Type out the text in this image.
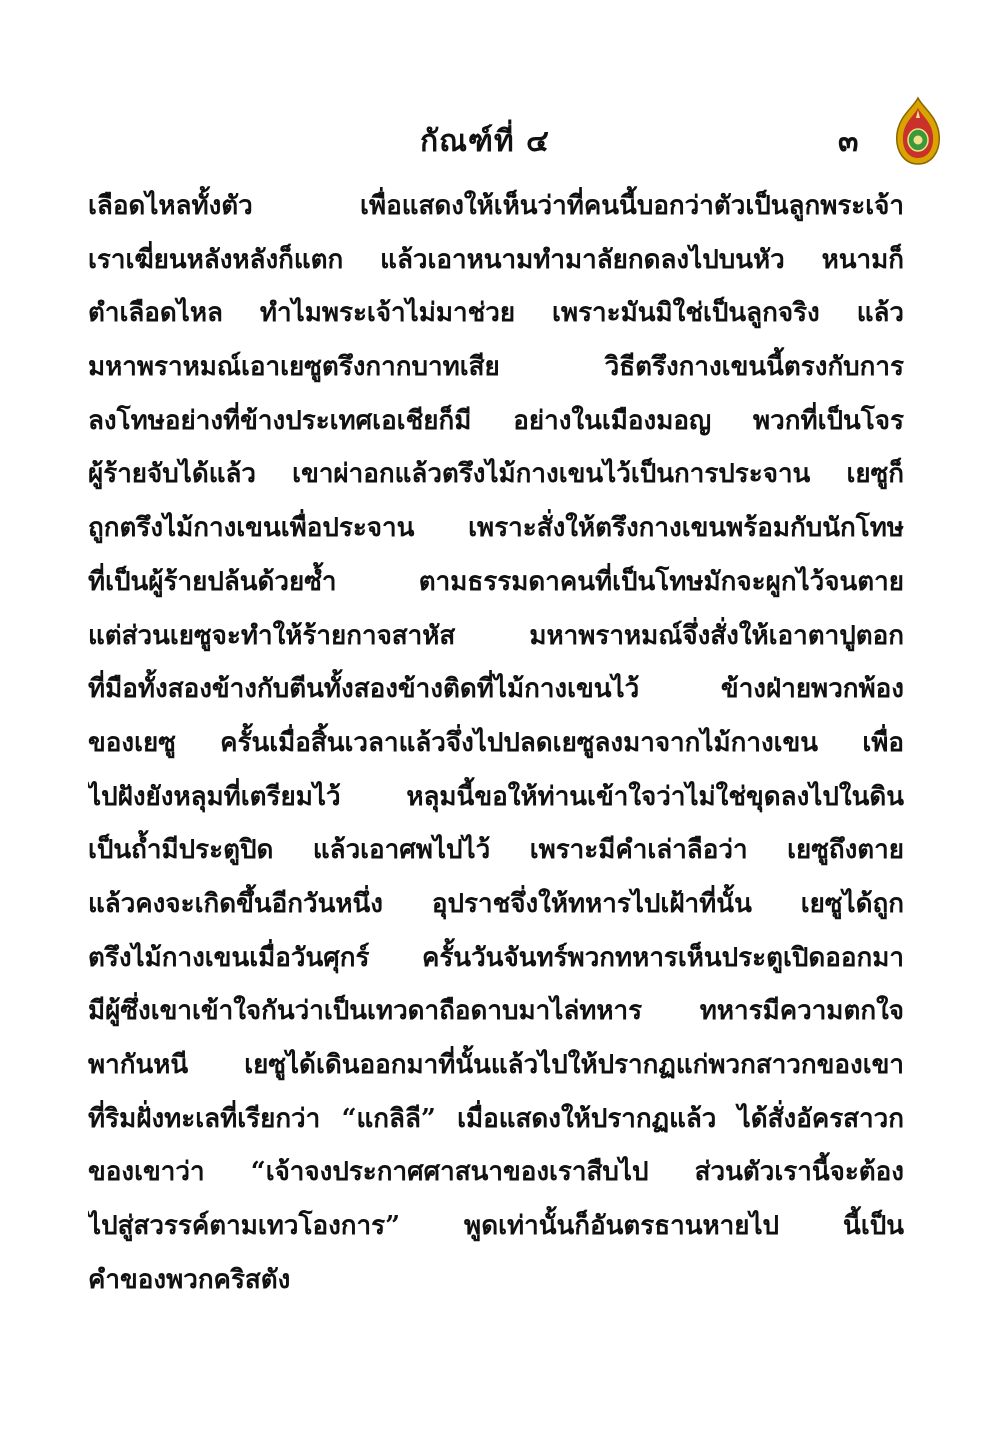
กัณฑ์ที่ ๔	๓
เลือดไหลทั้งตัว เพื่อแสดงให้เห็นว่าที่คนนี้บอกว่าตัวเป็นลูกพระเจ้า
เราเฆี่ยนหลังหลังก็แตก แล้วเอาหนามทำมาลัยกดลงไปบนหัว หนามก็
ตำเลือดไหล ทำไมพระเจ้าไม่มาช่วย เพราะมันมิใช่เป็นลูกจริง แล้ว
มหาพราหมณ์เอาเยซูตรึงกากบาทเสีย วิธีตรึงกางเขนนี้ตรงกับการ
ลงโทษอย่างที่ข้างประเทศเอเชียก็มี อย่างในเมืองมอญ พวกที่เป็นโจร
ผู้ร้ายจับได้แล้ว เขาผ่าอกแล้วตรึงไม้กางเขนไว้เป็นการประจาน เยซูก็
ถูกตรึงไม้กางเขนเพื่อประจาน เพราะสั่งให้ตรึงกางเขนพร้อมกับนักโทษ
ที่เป็นผู้ร้ายปล้นด้วยซ้ำ ตามธรรมดาคนที่เป็นโทษมักจะผูกไว้จนตาย
แต่ส่วนเยซูจะทำให้ร้ายกาจสาหัส มหาพราหมณ์จึ่งสั่งให้เอาตาปูตอก
ที่มือทั้งสองข้างกับตีนทั้งสองข้างติดที่ไม้กางเขนไว้ ข้างฝ่ายพวกพ้อง
ของเยซู ครั้นเมื่อสิ้นเวลาแล้วจึ่งไปปลดเยซูลงมาจากไม้กางเขน เพื่อ
ไปฝังยังหลุมที่เตรียมไว้ หลุมนี้ขอให้ท่านเข้าใจว่าไม่ใช่ขุดลงไปในดิน
เป็นถ้ำมีประตูปิด แล้วเอาศพไปไว้ เพราะมีคำเล่าลือว่า เยซูถึงตาย
แล้วคงจะเกิดขึ้นอีกวันหนึ่ง อุปราชจึ่งให้ทหารไปเฝ้าที่นั้น เยซูได้ถูก
ตรึงไม้กางเขนเมื่อวันศุกร์ ครั้นวันจันทร์พวกทหารเห็นประตูเปิดออกมา
มีผู้ซึ่งเขาเข้าใจกันว่าเป็นเทวดาถือดาบมาไล่ทหาร ทหารมีความตกใจ
พากันหนี เยซูได้เดินออกมาที่นั้นแล้วไปให้ปรากฏแก่พวกสาวกของเขา
ที่ริมฝั่งทะเลที่เรียกว่า “แกลิลี” เมื่อแสดงให้ปรากฏแล้ว ได้สั่งอัครสาวก
ของเขาว่า “เจ้าจงประกาศศาสนาของเราสืบไป ส่วนตัวเรานี้จะต้อง
ไปสู่สวรรค์ตามเทวโองการ” พูดเท่านั้นก็อันตรธานหายไป นี้เป็น
คำของพวกคริสตัง
